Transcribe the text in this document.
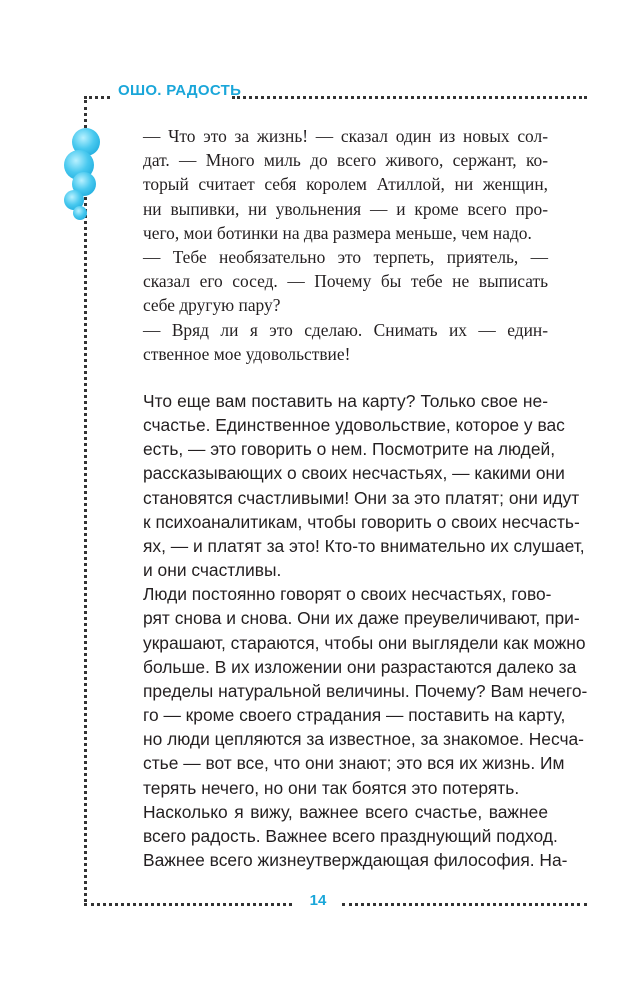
ОШО. РАДОСТЬ

— Что это за жизнь! — сказал один из новых сол-
дат. — Много миль до всего живого, сержант, ко-
торый считает себя королем Атиллой, ни женщин,
ни выпивки, ни увольнения — и кроме всего про-
чего, мои ботинки на два размера меньше, чем надо.

— Тебе необязательно это терпеть, приятель, —
сказал его сосед. — Почему бы тебе не выписать
себе другую пару?

— Вряд ли я это сделаю. Снимать их — един-
ственное мое удовольствие!

Что еще вам поставить на карту? Только свое не-
счастье. Единственное удовольствие, которое у вас
есть, — это говорить о нем. Посмотрите на людей,
рассказывающих о своих несчастьях, — какими они
становятся счастливыми! Они за это платят; они идут
к психоаналитикам, чтобы говорить о своих несчасть-
ях, — и платят за это! Кто-то внимательно их слушает,
и они счастливы.

Люди постоянно говорят о своих несчастьях, гово-
рят снова и снова. Они их даже преувеличивают, при-
украшают, стараются, чтобы они выглядели как можно
больше. В их изложении они разрастаются далеко за
пределы натуральной величины. Почему? Вам нечего-
го — кроме своего страдания — поставить на карту,
но люди цепляются за известное, за знакомое. Несча-
стье — вот все, что они знают; это вся их жизнь. Им
терять нечего, но они так боятся это потерять.

Насколько я вижу, важнее всего счастье, важнее
всего радость. Важнее всего празднующий подход.
Важнее всего жизнеутверждающая философия. На-

14
